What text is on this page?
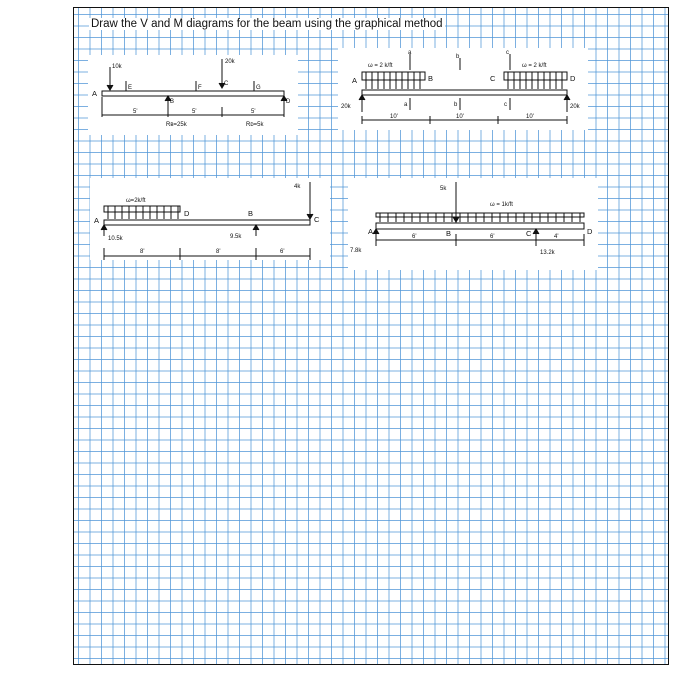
Draw the V and M diagrams for the beam using the graphical method
10k
20k
A
E
B
F
C
G
D
5'	5'	5'
Rʙ=25k	Rᴅ=5k
ω = 2 k/ft	ω = 2 k/ft
a
b
c
A	B	C	D
a	b	c
20k	20k
10'	10'	10'
ω=2k/ft
4k
A
D	B
C
10.5k	9.5k
8'	8'	6'
5k
ω = 1k/ft
A	B	C	D
6'	6'	4'
7.8k	13.2k
